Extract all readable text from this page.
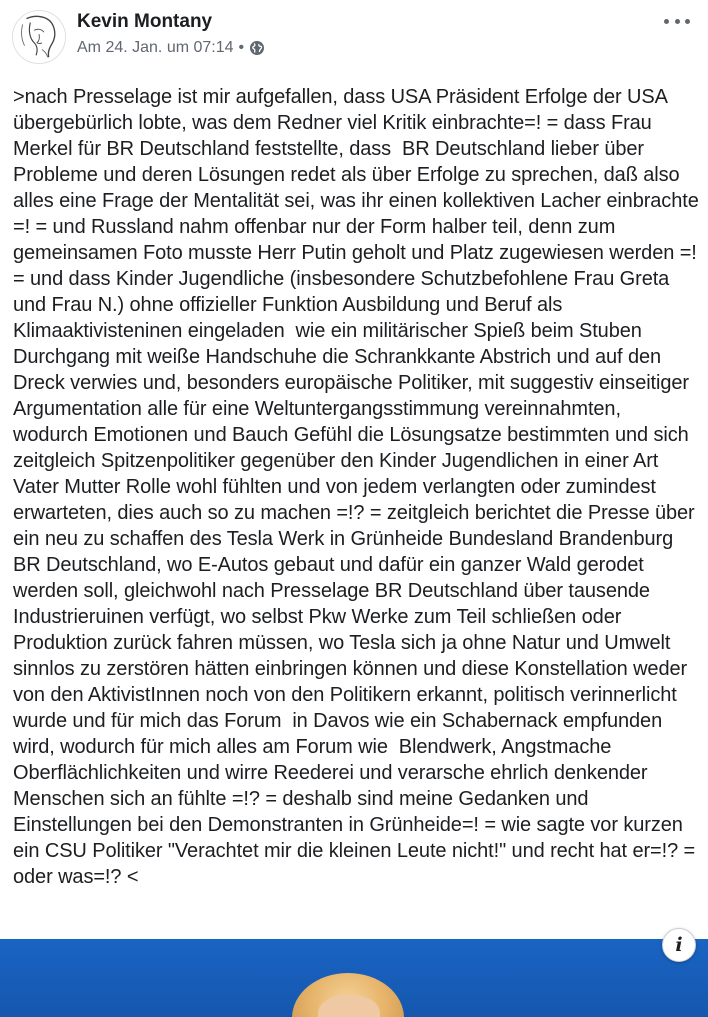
Kevin Montany
Am 24. Jan. um 07:14 •
>nach Presselage ist mir aufgefallen, dass USA Präsident Erfolge der USA übergebürlich lobte, was dem Redner viel Kritik einbrachte=! = dass Frau Merkel für BR Deutschland feststellte, dass  BR Deutschland lieber über Probleme und deren Lösungen redet als über Erfolge zu sprechen, daß also alles eine Frage der Mentalität sei, was ihr einen kollektiven Lacher einbrachte =! = und Russland nahm offenbar nur der Form halber teil, denn zum gemeinsamen Foto musste Herr Putin geholt und Platz zugewiesen werden =! = und dass Kinder Jugendliche (insbesondere Schutzbefohlene Frau Greta und Frau N.) ohne offizieller Funktion Ausbildung und Beruf als Klimaaktivisteninen eingeladen  wie ein militärischer Spieß beim Stuben Durchgang mit weiße Handschuhe die Schrankkante Abstrich und auf den Dreck verwies und, besonders europäische Politiker, mit suggestiv einseitiger Argumentation alle für eine Weltuntergangsstimmung vereinnahmten, wodurch Emotionen und Bauch Gefühl die Lösungsatze bestimmten und sich zeitgleich Spitzenpolitiker gegenüber den Kinder Jugendlichen in einer Art Vater Mutter Rolle wohl fühlten und von jedem verlangten oder zumindest erwarteten, dies auch so zu machen =!? = zeitgleich berichtet die Presse über ein neu zu schaffen des Tesla Werk in Grünheide Bundesland Brandenburg BR Deutschland, wo E-Autos gebaut und dafür ein ganzer Wald gerodet werden soll, gleichwohl nach Presselage BR Deutschland über tausende Industrieruinen verfügt, wo selbst Pkw Werke zum Teil schließen oder Produktion zurück fahren müssen, wo Tesla sich ja ohne Natur und Umwelt sinnlos zu zerstören hätten einbringen können und diese Konstellation weder von den AktivistInnen noch von den Politikern erkannt, politisch verinnerlicht wurde und für mich das Forum  in Davos wie ein Schabernack empfunden wird, wodurch für mich alles am Forum wie  Blendwerk, Angstmache  Oberflächlichkeiten und wirre Reederei und verarsche ehrlich denkender Menschen sich an fühlte =!? = deshalb sind meine Gedanken und Einstellungen bei den Demonstranten in Grünheide=! = wie sagte vor kurzen ein CSU Politiker "Verachtet mir die kleinen Leute nicht!" und recht hat er=!? = oder was=!? <
i
